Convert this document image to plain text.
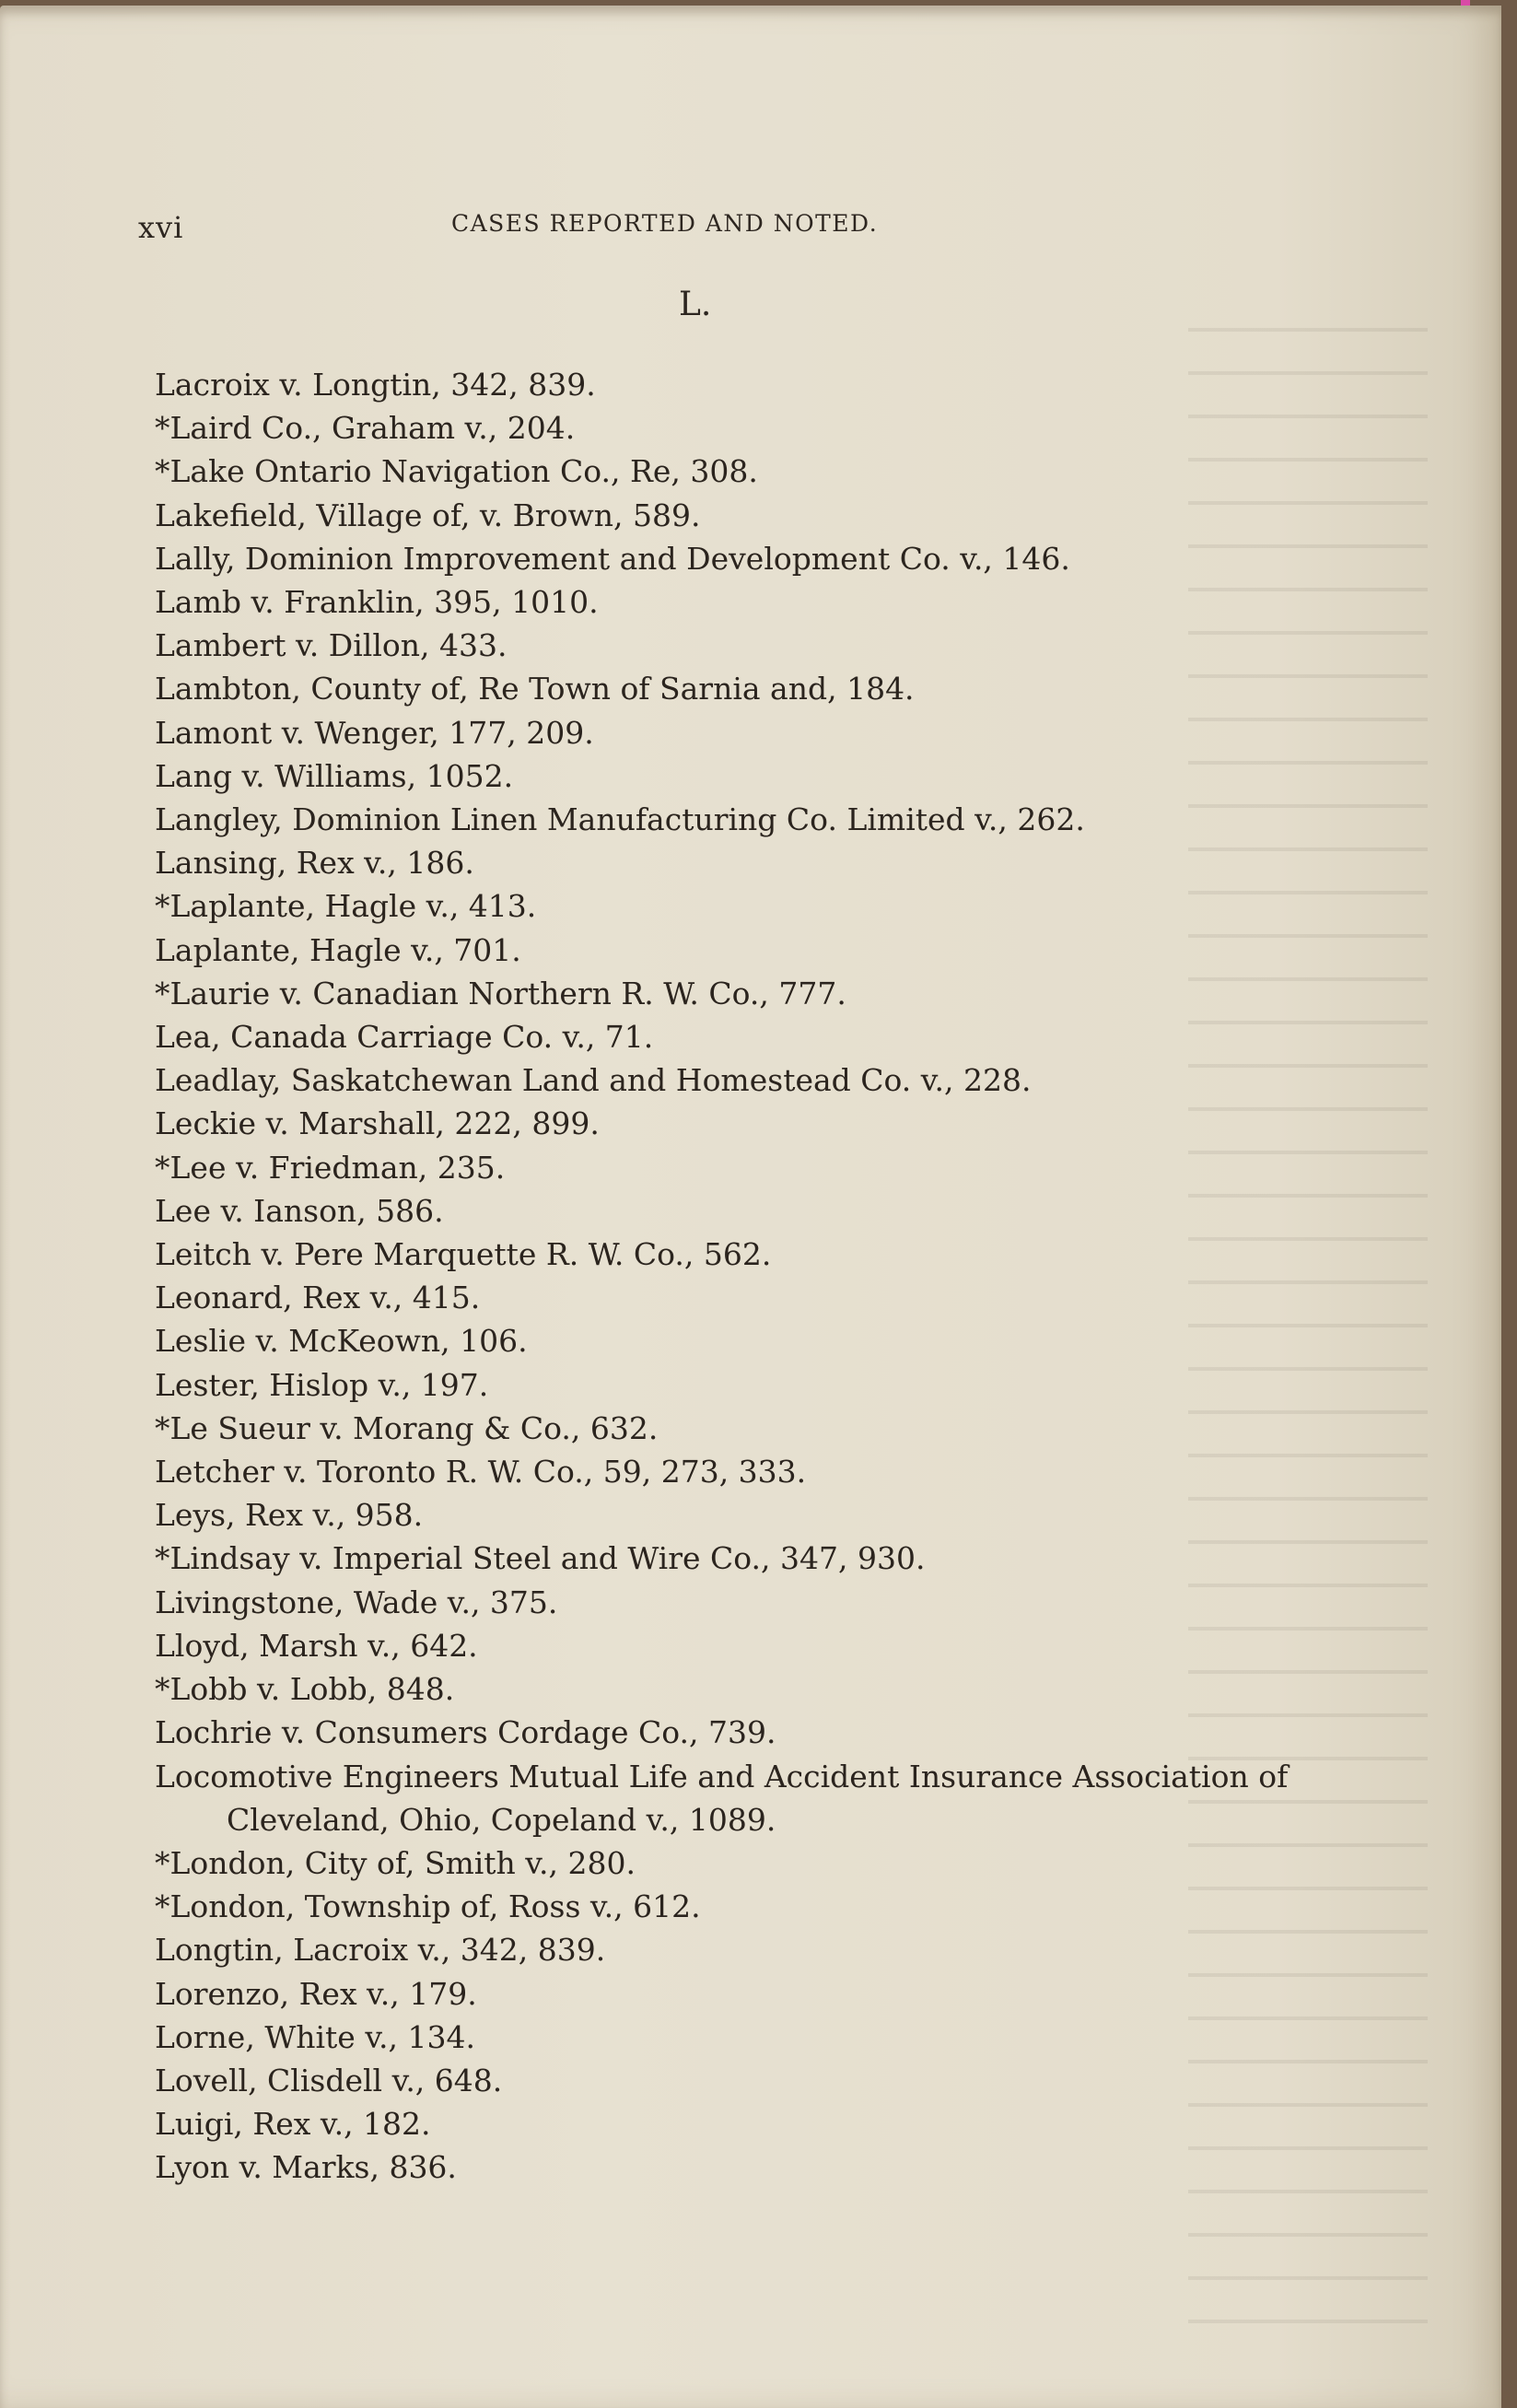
xvi	CASES REPORTED AND NOTED.
L.
Lacroix v. Longtin, 342, 839.
*Laird Co., Graham v., 204.
*Lake Ontario Navigation Co., Re, 308.
Lakefield, Village of, v. Brown, 589.
Lally, Dominion Improvement and Development Co. v., 146.
Lamb v. Franklin, 395, 1010.
Lambert v. Dillon, 433.
Lambton, County of, Re Town of Sarnia and, 184.
Lamont v. Wenger, 177, 209.
Lang v. Williams, 1052.
Langley, Dominion Linen Manufacturing Co. Limited v., 262.
Lansing, Rex v., 186.
*Laplante, Hagle v., 413.
Laplante, Hagle v., 701.
*Laurie v. Canadian Northern R. W. Co., 777.
Lea, Canada Carriage Co. v., 71.
Leadlay, Saskatchewan Land and Homestead Co. v., 228.
Leckie v. Marshall, 222, 899.
*Lee v. Friedman, 235.
Lee v. Ianson, 586.
Leitch v. Pere Marquette R. W. Co., 562.
Leonard, Rex v., 415.
Leslie v. McKeown, 106.
Lester, Hislop v., 197.
*Le Sueur v. Morang & Co., 632.
Letcher v. Toronto R. W. Co., 59, 273, 333.
Leys, Rex v., 958.
*Lindsay v. Imperial Steel and Wire Co., 347, 930.
Livingstone, Wade v., 375.
Lloyd, Marsh v., 642.
*Lobb v. Lobb, 848.
Lochrie v. Consumers Cordage Co., 739.
Locomotive Engineers Mutual Life and Accident Insurance Association of Cleveland, Ohio, Copeland v., 1089.
*London, City of, Smith v., 280.
*London, Township of, Ross v., 612.
Longtin, Lacroix v., 342, 839.
Lorenzo, Rex v., 179.
Lorne, White v., 134.
Lovell, Clisdell v., 648.
Luigi, Rex v., 182.
Lyon v. Marks, 836.
